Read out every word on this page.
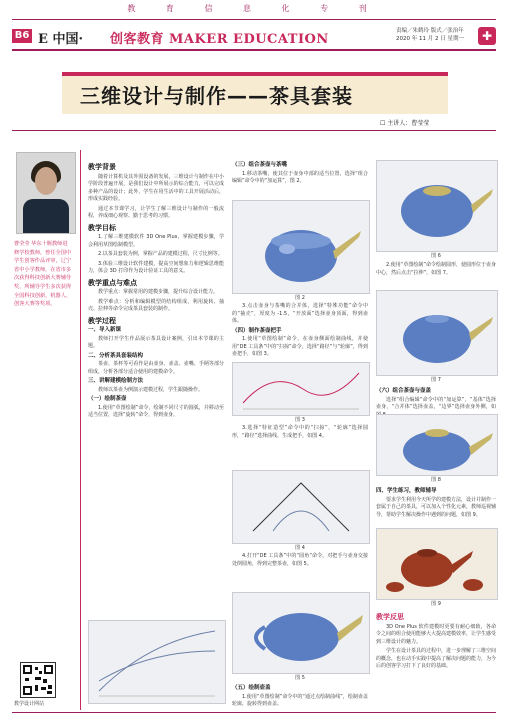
教 育 信 息 化 专 刊
B6 E 中国· 创客教育 MAKER EDUCATION
责编／朱鹤玲 版式／张治年
2020 年 11 月 2 日 星期一	✚
三维设计与制作——茶具套装
☐ 主讲人：曹莹莹
曹莹莹 华东十堰教师进修学校教师，曾任全国中学生创客作品评审，辽宁省中小学教师，在省市多次获得科技创新大赛辅导奖，所辅导学生多次获得全国科技创新、机器人、创客大赛等奖项。
教学设计网站
教学背景

随着计算机及其外围设备的发展，三维设计与制作在中小学阶段普遍开展，是我们设计中所展示的综合能力，可以完成多种产品的设计；此外，学生在用生活中的工具开展活动后，形成实践经验。

通过本节课学习，让学生了解三维设计与制作的一般流程，养成细心观察、勤于思考的习惯。

教学目标

1.了解三维建模软件 3D One Plus，掌握建模步骤，学会利用草图绘制模型。

2.以茶具套装为例，掌握产品的建模过程，尺寸比例等。

3.体验三维设计软件建模，提高空间想象力和逻辑思维能力，体会 3D 打印作为设计验证工具的意义。

教学重点与难点

教学重点：掌握常用的建模步骤，提升综合设计能力。

教学难点：分析和编辑模型的结构组成，利用旋转、抽壳、拉伸等命令完成茶具套装的制作。

教学过程
一、导入新课

教师打开学生作品展示茶具设计案例，引出本节课的主题。

二、分析茶具套装结构

茶壶、茶杯等可看作是由壶身、壶盖、壶嘴、手柄等部分组成，分析各部分适合使用的建模命令。

三、讲解建模绘制方法

教师以茶壶为例演示建模过程，学生跟随操作。

（一）绘制茶壶

1.使用“草图绘制”命令，绘制不同尺寸的圆弧，并移动至适当位置，选择“旋转”命令，得到壶身。

（三）组合茶壶与茶嘴

1.移动茶嘴，使其位于壶身中部的适当位置，选择“组合编辑”命令中的“加运算”，图 2。

图 2

3.点击壶身与茶嘴的合并体，选择“特殊功能”命令中的“抽壳”，厚度为 -1.5，“开放面”选择壶身顶面，得到壶体。

（四）制作茶壶把手

1.使用“草图绘制”命令，在壶身侧面绘制曲线，并使用“DE 工具条”中的“扫掠”命令，选择“路径”与“轮廓”，得到壶把手，如图 3。

图 3

3.选择“特征造型”命令中的“扫掠”，“轮廓”选择圆形，“路径”选择曲线，生成把手，如图 4。

图 4

4.打开“DE 工具条”中的“圆角”命令，对把手与壶身交接处倒圆角，得到完整茶壶，如图 5。

图 5
（五）绘制壶盖

1.使用“草图绘制”命令中的“通过点绘制曲线”，绘制壶盖轮廓，旋转得到壶盖。

图 6

2.使用“草图绘制”命令绘制圆形，使圆形位于壶身中心，然后点击“拉伸”，如图 7。

图 7
（六）组合茶壶与壶盖

选择“组合编辑”命令中的“加运算”，“基体”选择壶身，“合并体”选择壶盖，“边界”选择壶身外侧，如

图 8
四、学生练习，教师辅导

要求学生利用今天所学的建模方法，设计并制作一套属于自己的茶具，可以加入个性化元素，教师巡视辅导，帮助学生解决操作中遇到的问题，如图 9。

图 9
教学反思

3D One Plus 软件建模时更要有耐心细致，各命令之间的组合使用能够大大提高建模效率，让学生感受到三维设计的魅力。

学生在设计茶具的过程中，进一步理解了三维空间的概念，也在动手实践中提高了解决问题的能力，为今后的创客学习打下了良好的基础。
